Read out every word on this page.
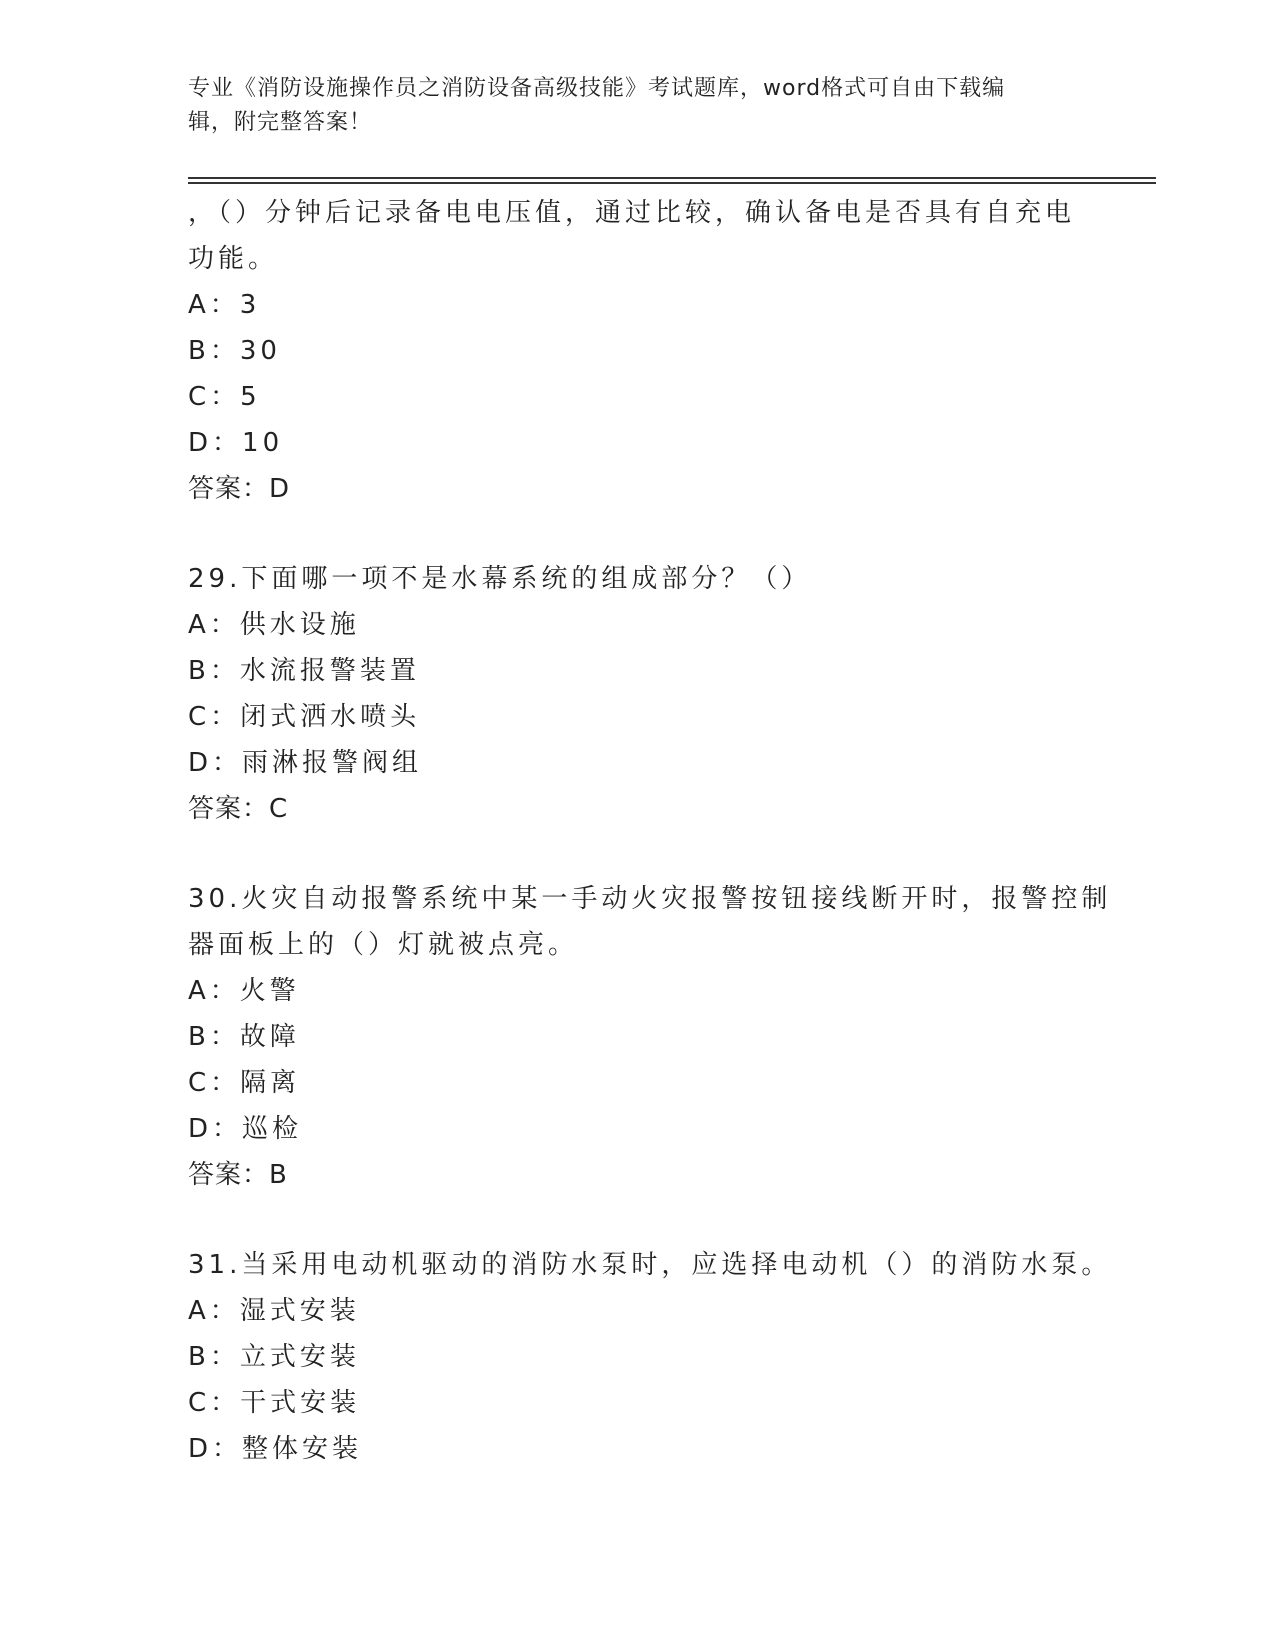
专业《消防设施操作员之消防设备高级技能》考试题库，word格式可自由下载编
辑，附完整答案！
，（）分钟后记录备电电压值，通过比较，确认备电是否具有自充电
功能。
A：3
B：30
C：5
D：10
答案：D
29.下面哪一项不是水幕系统的组成部分？（）
A：供水设施
B：水流报警装置
C：闭式洒水喷头
D：雨淋报警阀组
答案：C
30.火灾自动报警系统中某一手动火灾报警按钮接线断开时，报警控制
器面板上的（）灯就被点亮。
A：火警
B：故障
C：隔离
D：巡检
答案：B
31.当采用电动机驱动的消防水泵时，应选择电动机（）的消防水泵。
A：湿式安装
B：立式安装
C：干式安装
D：整体安装
